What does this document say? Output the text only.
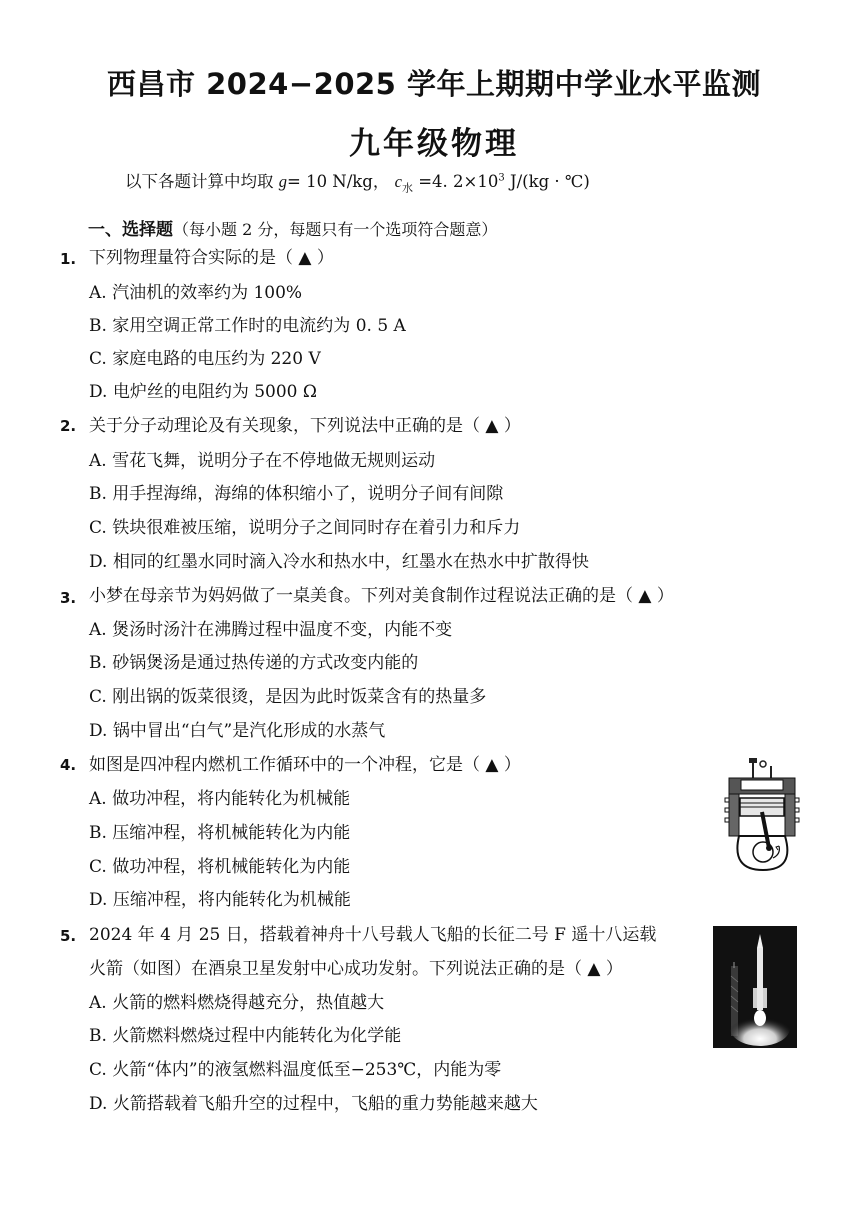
西昌市 2024−2025 学年上期期中学业水平监测
九年级物理
以下各题计算中均取 g= 10 N/kg， $c_水 =4$. $2\times 10^3$ J/(kg · ℃)
一、选择题（每小题 2 分，每题只有一个选项符合题意）
1. 下列物理量符合实际的是（ ▲ ）
A. 汽油机的效率约为 100%
B. 家用空调正常工作时的电流约为 0. 5 A
C. 家庭电路的电压约为 220 V
D. 电炉丝的电阻约为 5000 Ω
2. 关于分子动理论及有关现象，下列说法中正确的是（ ▲ ）
A. 雪花飞舞，说明分子在不停地做无规则运动
B. 用手捏海绵，海绵的体积缩小了，说明分子间有间隙
C. 铁块很难被压缩，说明分子之间同时存在着引力和斥力
D. 相同的红墨水同时滴入冷水和热水中，红墨水在热水中扩散得快
3. 小梦在母亲节为妈妈做了一桌美食。下列对美食制作过程说法正确的是（ ▲ ）
A. 煲汤时汤汁在沸腾过程中温度不变，内能不变
B. 砂锅煲汤是通过热传递的方式改变内能的
C. 刚出锅的饭菜很烫，是因为此时饭菜含有的热量多
D. 锅中冒出“白气”是汽化形成的水蒸气
4. 如图是四冲程内燃机工作循环中的一个冲程，它是（ ▲ ）
A. 做功冲程，将内能转化为机械能
B. 压缩冲程，将机械能转化为内能
C. 做功冲程，将机械能转化为内能
D. 压缩冲程，将内能转化为机械能
5. 2024 年 4 月 25 日，搭载着神舟十八号载人飞船的长征二号 F 遥十八运载
火箭（如图）在酒泉卫星发射中心成功发射。下列说法正确的是（ ▲ ）
A. 火箭的燃料燃烧得越充分，热值越大
B. 火箭燃料燃烧过程中内能转化为化学能
C. 火箭“体内”的液氢燃料温度低至−253℃，内能为零
D. 火箭搭载着飞船升空的过程中，飞船的重力势能越来越大
